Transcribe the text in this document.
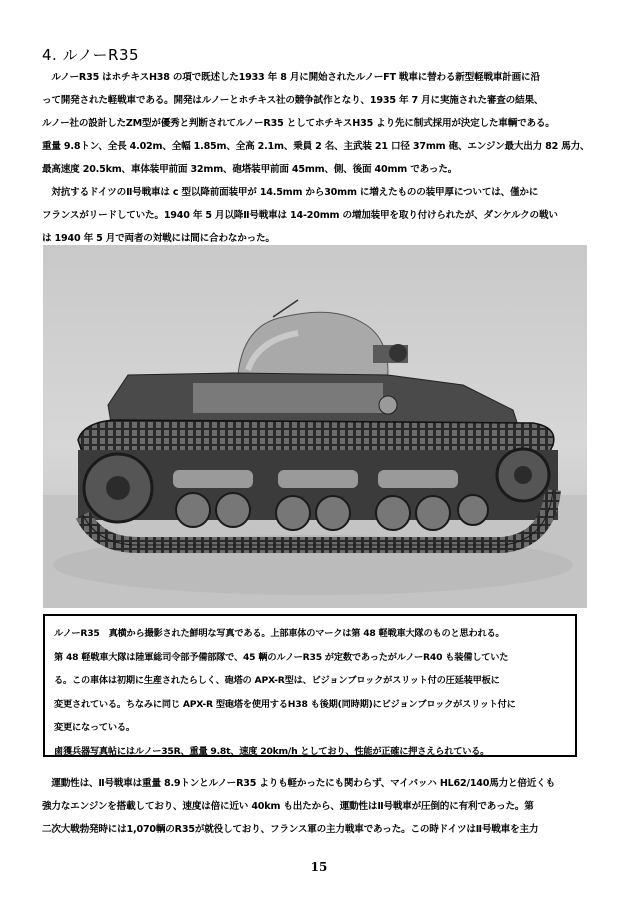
4. ルノーR35
　ルノーR35 はホチキスH38 の項で既述した1933 年 8 月に開始されたルノーFT 戦車に替わる新型軽戦車計画に沿
って開発された軽戦車である。開発はルノーとホチキス社の競争試作となり、1935 年 7 月に実施された審査の結果、
ルノー社の設計したZM型が優秀と判断されてルノーR35 としてホチキスH35 より先に制式採用が決定した車輌である。
重量 9.8トン、全長 4.02m、全幅 1.85m、全高 2.1m、乗員 2 名、主武装 21 口径 37mm 砲、エンジン最大出力 82 馬力、
最高速度 20.5km、車体装甲前面 32mm、砲塔装甲前面 45mm、側、後面 40mm であった。
　対抗するドイツのⅡ号戦車は c 型以降前面装甲が 14.5mm から30mm に増えたものの装甲厚については、僅かに
フランスがリードしていた。1940 年 5 月以降Ⅱ号戦車は 14-20mm の増加装甲を取り付けられたが、ダンケルクの戦い
は 1940 年 5 月で両者の対戦には間に合わなかった。
ルノーR35　真横から撮影された鮮明な写真である。上部車体のマークは第 48 軽戦車大隊のものと思われる。
第 48 軽戦車大隊は陸軍総司令部予備部隊で、45 輌のルノーR35 が定数であったがルノーR40 も装備していた
る。この車体は初期に生産されたらしく、砲塔の APX-R型は、ビジョンブロックがスリット付の圧延装甲板に
変更されている。ちなみに同じ APX-R 型砲塔を使用するH38 も後期(同時期)にビジョンブロックがスリット付に
変更になっている。
鹵獲兵器写真帖にはルノー35R、重量 9.8t、速度 20km/h としており、性能が正確に押さえられている。
　運動性は、Ⅱ号戦車は重量 8.9トンとルノーR35 よりも軽かったにも関わらず、マイバッハ HL62/140馬力と倍近くも
強力なエンジンを搭載しており、速度は倍に近い 40km も出たから、運動性はⅡ号戦車が圧倒的に有利であった。第
二次大戦勃発時には1,070輌のR35が就役しており、フランス軍の主力戦車であった。この時ドイツはⅡ号戦車を主力
15
